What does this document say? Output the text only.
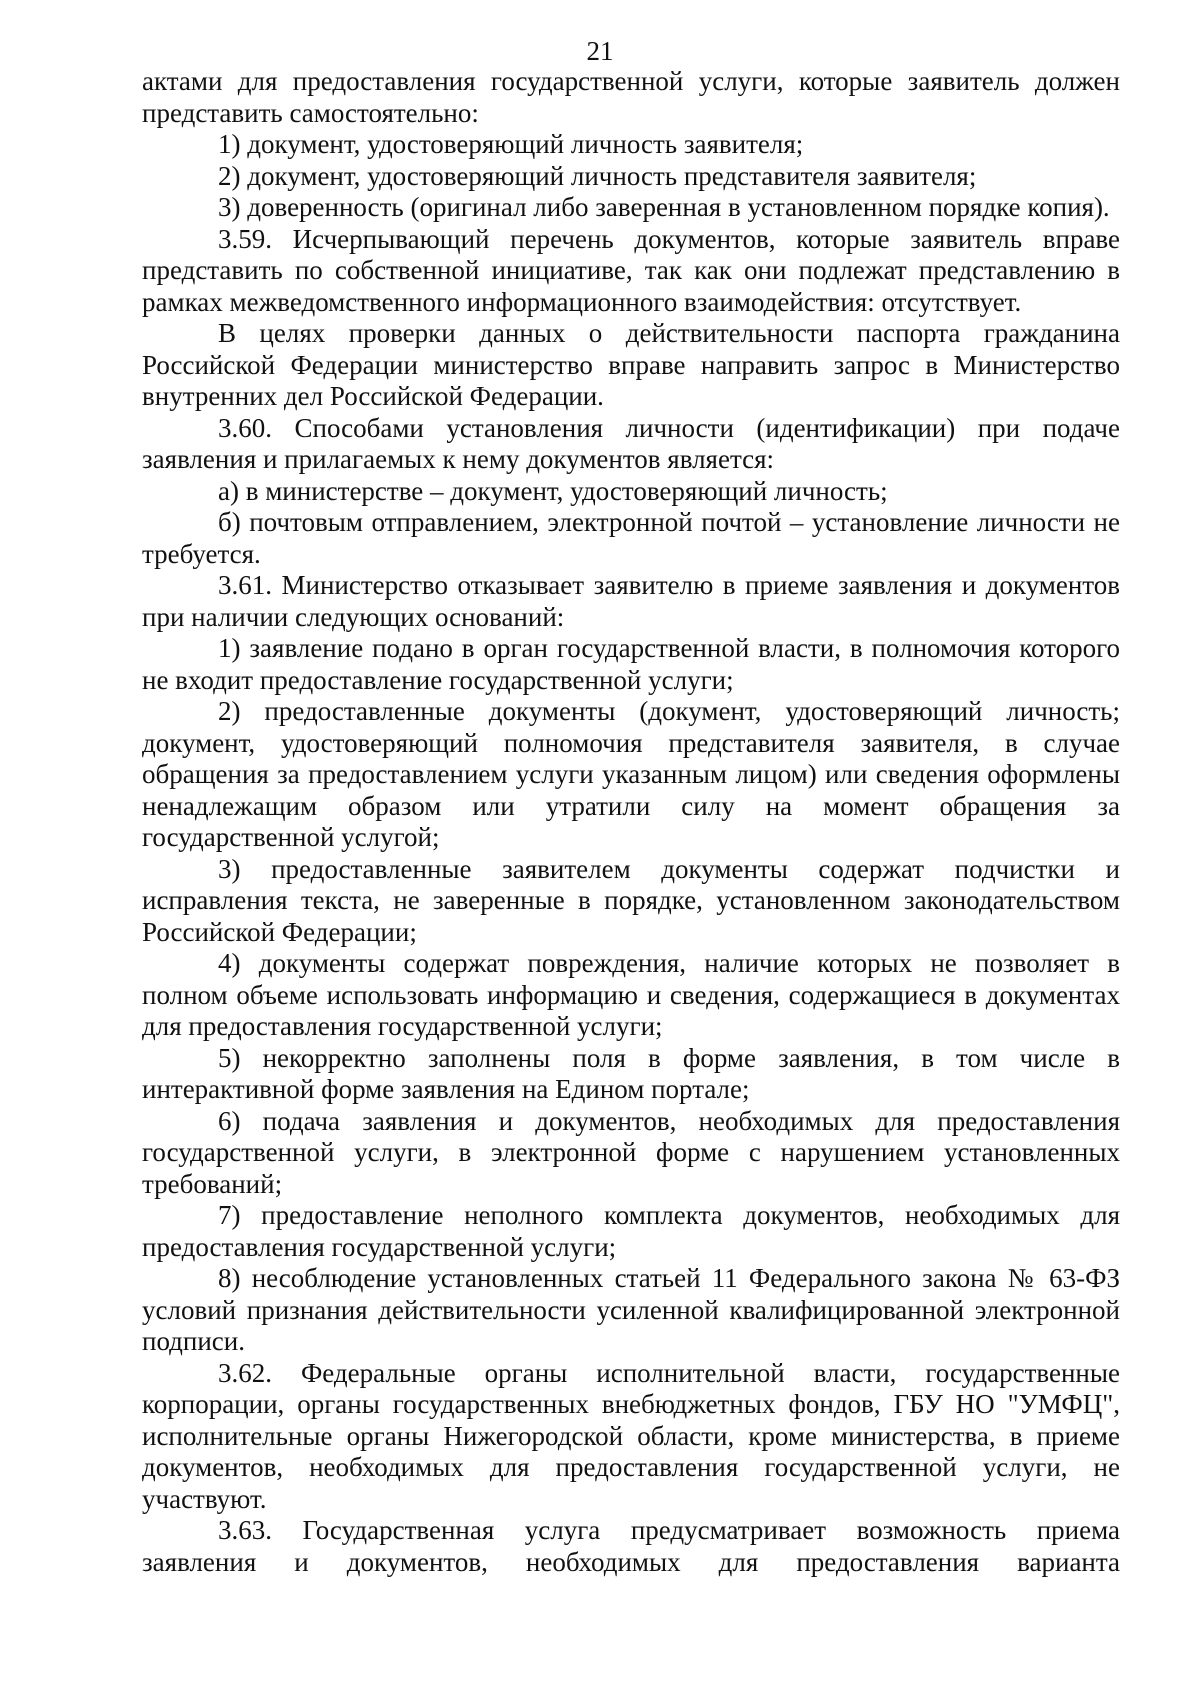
21

актами для предоставления государственной услуги, которые заявитель должен представить самостоятельно:

1) документ, удостоверяющий личность заявителя;

2) документ, удостоверяющий личность представителя заявителя;

3) доверенность (оригинал либо заверенная в установленном порядке копия).

3.59. Исчерпывающий перечень документов, которые заявитель вправе представить по собственной инициативе, так как они подлежат представлению в рамках межведомственного информационного взаимодействия: отсутствует.

В целях проверки данных о действительности паспорта гражданина Российской Федерации министерство вправе направить запрос в Министерство внутренних дел Российской Федерации.

3.60. Способами установления личности (идентификации) при подаче заявления и прилагаемых к нему документов является:

а) в министерстве – документ, удостоверяющий личность;

б) почтовым отправлением, электронной почтой – установление личности не требуется.

3.61. Министерство отказывает заявителю в приеме заявления и документов при наличии следующих оснований:

1) заявление подано в орган государственной власти, в полномочия которого не входит предоставление государственной услуги;

2) предоставленные документы (документ, удостоверяющий личность; документ, удостоверяющий полномочия представителя заявителя, в случае обращения за предоставлением услуги указанным лицом) или сведения оформлены ненадлежащим образом или утратили силу на момент обращения за государственной услугой;

3) предоставленные заявителем документы содержат подчистки и исправления текста, не заверенные в порядке, установленном законодательством Российской Федерации;

4) документы содержат повреждения, наличие которых не позволяет в полном объеме использовать информацию и сведения, содержащиеся в документах для предоставления государственной услуги;

5) некорректно заполнены поля в форме заявления, в том числе в интерактивной форме заявления на Едином портале;

6) подача заявления и документов, необходимых для предоставления государственной услуги, в электронной форме с нарушением установленных требований;

7) предоставление неполного комплекта документов, необходимых для предоставления государственной услуги;

8) несоблюдение установленных статьей 11 Федерального закона № 63-ФЗ условий признания действительности усиленной квалифицированной электронной подписи.

3.62. Федеральные органы исполнительной власти, государственные корпорации, органы государственных внебюджетных фондов, ГБУ НО "УМФЦ", исполнительные органы Нижегородской области, кроме министерства, в приеме документов, необходимых для предоставления государственной услуги, не участвуют.

3.63. Государственная услуга предусматривает возможность приема заявления и документов, необходимых для предоставления варианта
